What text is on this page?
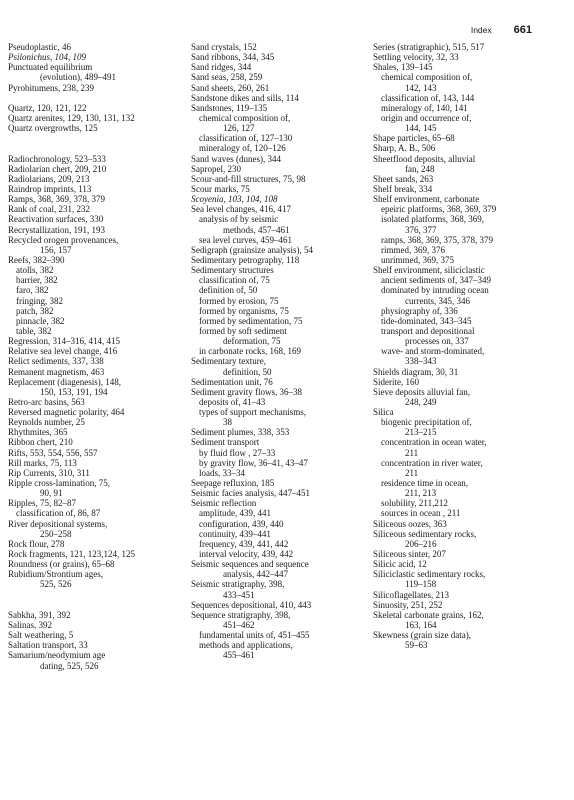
Index 661
Pseudoplastic, 46
Psilonichus, 104, 109
Punctuated equilibrium
(evolution), 489–491
Pyrobitumens, 238, 239
Quartz, 120, 121, 122
Quartz arenites, 129, 130, 131, 132
Quartz overgrowths, 125
Radiochronology, 523–533
Radiolarian chert, 209, 210
Radiolarians, 209, 213
Raindrop imprints, 113
Ramps, 368, 369, 378, 379
Rank of coal, 231, 232
Reactivation surfaces, 330
Recrystallization, 191, 193
Recycled orogen provenances,
156, 157
Reefs, 382–390
atolls, 382
barrier, 382
faro, 382
fringing, 382
patch, 382
pinnacle, 382
table, 382
Regression, 314–316, 414, 415
Relative sea level change, 416
Relict sediments, 337, 338
Remanent magnetism, 463
Replacement (diagenesis), 148,
150, 153, 191, 194
Retro-arc basins, 563
Reversed magnetic polarity, 464
Reynolds number, 25
Rhythmites, 365
Ribbon chert, 210
Rifts, 553, 554, 556, 557
Rill marks, 75, 113
Rip Currents, 310, 311
Ripple cross-lamination, 75,
90, 91
Ripples, 75, 82–87
classification of, 86, 87
River depositional systems,
250–258
Rock flour, 278
Rock fragments, 121, 123,124, 125
Roundness (or grains), 65–68
Rubidium/Strontium ages,
525, 526
Sabkha, 391, 392
Salinas, 392
Salt weathering, 5
Saltation transport, 33
Samarium/neodymium age
dating, 525, 526
Sand crystals, 152
Sand ribbons, 344, 345
Sand ridges, 344
Sand seas, 258, 259
Sand sheets, 260, 261
Sandstone dikes and sills, 114
Sandstones, 119–135
chemical composition of,
126, 127
classification of, 127–130
mineralogy of, 120–126
Sand waves (dunes), 344
Sapropel, 230
Scour-and-fill structures, 75, 98
Scour marks, 75
Scoyenia, 103, 104, 108
Sea level changes, 416, 417
analysis of by seismic
methods, 457–461
sea level curves, 459–461
Sedigraph (grainsize analysis), 54
Sedimentary petrography, 118
Sedimentary structures
classification of, 75
definition of, 50
formed by erosion, 75
formed by organisms, 75
formed by sedimentation, 75
formed by soft sediment
deformation, 75
in carbonate rocks, 168, 169
Sedimentary texture,
definition, 50
Sedimentation unit, 76
Sediment gravity flows, 36–38
deposits of, 41–43
types of support mechanisms,
38
Sediment plumes, 338, 353
Sediment transport
by fluid flow , 27–33
by gravity flow, 36–41, 43–47
loads, 33–34
Seepage refluxion, 185
Seismic facies analysis, 447–451
Seismic reflection
amplitude, 439, 441
configuration, 439, 440
continuity, 439–441
frequency, 439, 441, 442
interval velocity, 439, 442
Seismic sequences and sequence
analysis, 442–447
Seismic stratigraphy, 398,
433–451
Sequences depositional, 410, 443
Sequence stratigraphy, 398,
451–462
fundamental units of, 451–455
methods and applications,
455–461
Series (stratigraphic), 515, 517
Settling velocity, 32, 33
Shales, 139–145
chemical composition of,
142, 143
classification of, 143, 144
mineralogy of, 140, 141
origin and occurrence of,
144, 145
Shape particles, 65–68
Sharp, A. B., 506
Sheetflood deposits, alluvial
fan, 248
Sheet sands, 263
Shelf break, 334
Shelf environment, carbonate
epeiric platforms, 368, 369, 379
isolated platforms, 368, 369,
376, 377
ramps, 368, 369, 375, 378, 379
rimmed, 369, 376
unrimmed, 369, 375
Shelf environment, siliciclastic
ancient sediments of, 347–349
dominated by intruding ocean
currents, 345, 346
physiography of, 336
tide-dominated, 343–345
transport and depositional
processes on, 337
wave- and storm-dominated,
338–343
Shields diagram, 30, 31
Siderite, 160
Sieve deposits alluvial fan,
248, 249
Silica
biogenic precipitation of,
213–215
concentration in ocean water,
211
concentration in river water,
211
residence time in ocean,
211, 213
solubility, 211,212
sources in ocean , 211
Siliceous oozes, 363
Siliceous sedimentary rocks,
206–216
Siliceous sinter, 207
Silicic acid, 12
Siliciclastic sedimentary rocks,
119–158
Silicoflagellates, 213
Sinuosity, 251, 252
Skeletal carbonate grains, 162,
163, 164
Skewness (grain size data),
59–63
